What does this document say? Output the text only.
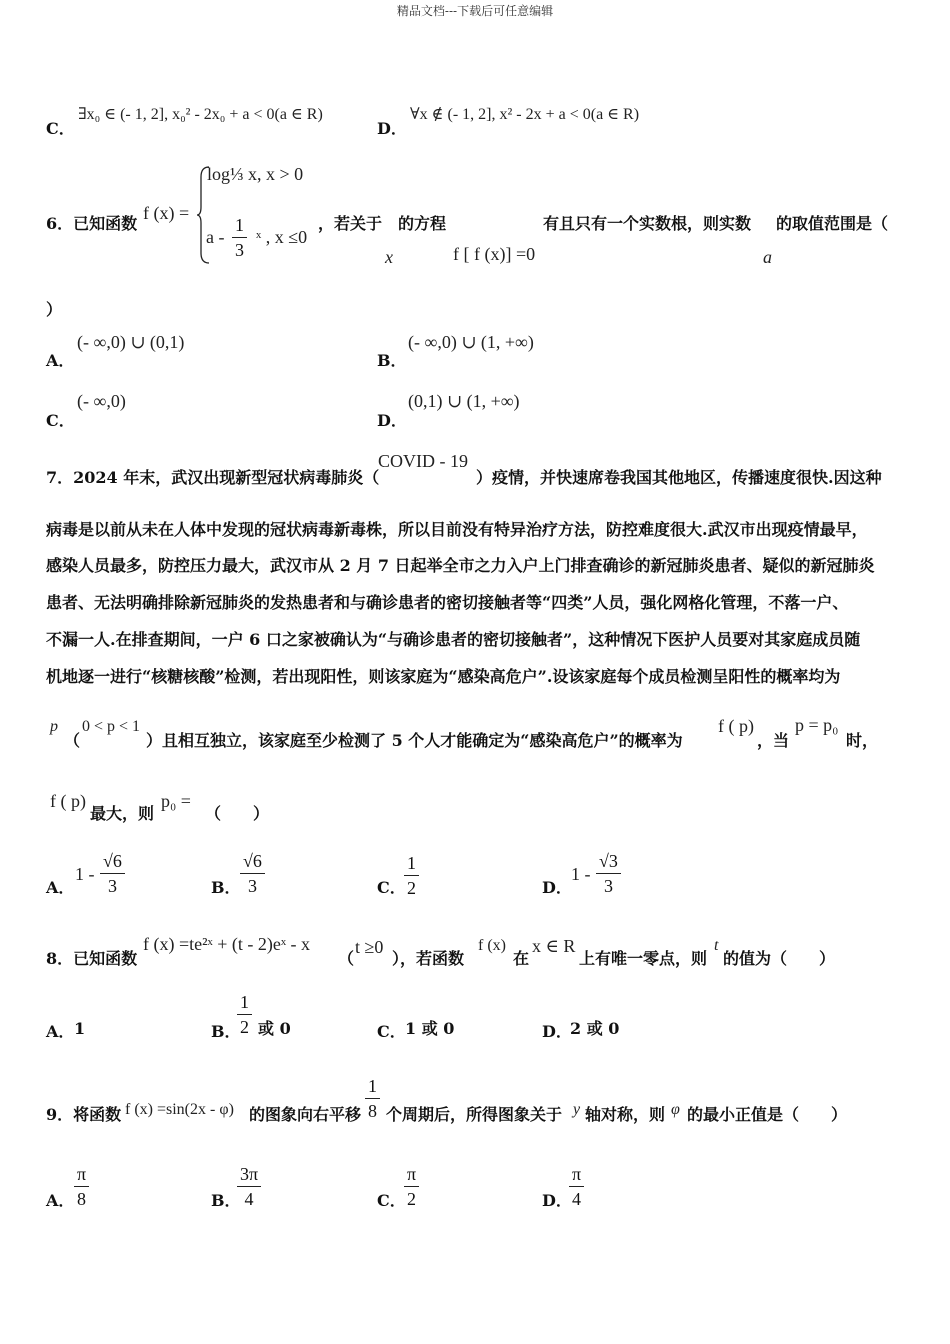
精品文档---下载后可任意编辑
C．
∃x₀ ∈ (- 1, 2], x₀² - 2x₀ + a < 0(a ∈ R)
D．
∀x ∉ (- 1, 2], x² - 2x + a < 0(a ∈ R)
6．已知函数
f (x) =
log⅓ x, x > 0
a - $\frac{1}{3}$ ˣ , x ≤0
，若关于 的方程	有且只有一个实数根，则实数 的取值范围是（
x	f [ f (x)] =0	a
）
A．
(- ∞,0) ∪ (0,1)
B．
(- ∞,0) ∪ (1, +∞)
C．
(- ∞,0)
D．
(0,1) ∪ (1, +∞)
7．2024 年末，武汉出现新型冠状病毒肺炎（
COVID - 19
）疫情，并快速席卷我国其他地区，传播速度很快.因这种
病毒是以前从未在人体中发现的冠状病毒新毒株，所以目前没有特异治疗方法，防控难度很大.武汉市出现疫情最早，
感染人员最多，防控压力最大，武汉市从 2 月 7 日起举全市之力入户上门排查确诊的新冠肺炎患者、疑似的新冠肺炎
患者、无法明确排除新冠肺炎的发热患者和与确诊患者的密切接触者等“四类”人员，强化网格化管理，不落一户、
不漏一人.在排查期间，一户 6 口之家被确认为“与确诊患者的密切接触者”，这种情况下医护人员要对其家庭成员随
机地逐一进行“核糖核酸”检测，若出现阳性，则该家庭为“感染高危户”.设该家庭每个成员检测呈阳性的概率均为
p
（
0 < p < 1
）且相互独立，该家庭至少检测了 5 个人才能确定为“感染高危户”的概率为
f ( p)
，当
p = p₀
时，
f ( p)
最大，则
p₀ =
（　　）
A．
$1 - \frac{√6}{3}$	B． $\frac{√6}{3}$	C．
$\frac{1}{2}$	D．
$1 - \frac{√3}{3}$
8．已知函数
f (x) =te²ˣ + (t - 2)eˣ - x
（
t ≥0
），若函数
f (x)
在
x ∈ R
上有唯一零点，则
t
的值为（　　）
A． 1	B．
$\frac{1}{2}$ 或 0	C． 1 或 0	D．
2 或 0
9．将函数 f (x) =sin(2x - φ) 的图象向右平移 $\frac{1}{8}$ 个周期后，所得图象关于 y 轴对称，则 φ 的最小正值是（　　）
A． $\frac{\pi}{8}$	B．
$\frac{3\pi}{4}$	C．
$\frac{\pi}{2}$	D．
$\frac{\pi}{4}$
